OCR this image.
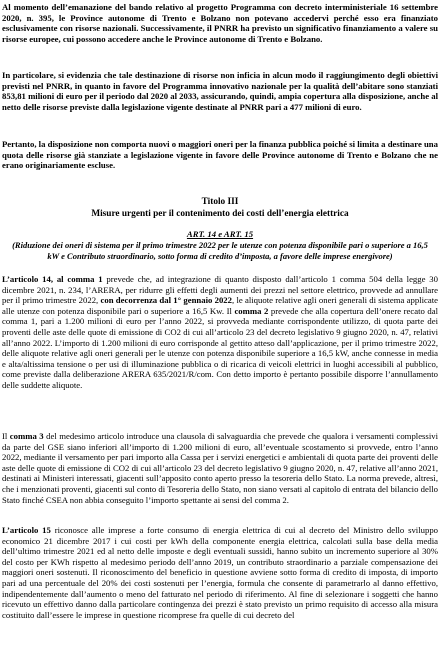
Al momento dell’emanazione del bando relativo al progetto Programma con decreto interministeriale 16 settembre 2020, n. 395, le Province autonome di Trento e Bolzano non potevano accedervi perché esso era finanziato esclusivamente con risorse nazionali. Successivamente, il PNRR ha previsto un significativo finanziamento a valere su risorse europee, cui possono accedere anche le Province autonome di Trento e Bolzano.

In particolare, si evidenzia che tale destinazione di risorse non inficia in alcun modo il raggiungimento degli obiettivi previsti nel PNRR, in quanto in favore del Programma innovativo nazionale per la qualità dell’abitare sono stanziati 853,81 milioni di euro per il periodo dal 2020 al 2033, assicurando, quindi, ampia copertura alla disposizione, anche al netto delle risorse previste dalla legislazione vigente destinate al PNRR pari a 477 milioni di euro.

Pertanto, la disposizione non comporta nuovi o maggiori oneri per la finanza pubblica poiché si limita a destinare una quota delle risorse già stanziate a legislazione vigente in favore delle Province autonome di Trento e Bolzano che ne erano originariamente escluse.

Titolo III

Misure urgenti per il contenimento dei costi dell’energia elettrica

ART. 14 e ART. 15

(Riduzione dei oneri di sistema per il primo trimestre 2022 per le utenze con potenza disponibile pari o superiore a 16,5 kW e Contributo straordinario, sotto forma di credito d’imposta, a favore delle imprese energivore)

L’articolo 14, al comma 1 prevede che, ad integrazione di quanto disposto dall’articolo 1 comma 504 della legge 30 dicembre 2021, n. 234, l’ARERA, per ridurre gli effetti degli aumenti dei prezzi nel settore elettrico, provvede ad annullare per il primo trimestre 2022, con decorrenza dal 1° gennaio 2022, le aliquote relative agli oneri generali di sistema applicate alle utenze con potenza disponibile pari o superiore a 16,5 Kw. Il comma 2 prevede che alla copertura dell’onere recato dal comma 1, pari a 1.200 milioni di euro per l’anno 2022, si provveda mediante corrispondente utilizzo, di quota parte dei proventi delle aste delle quote di emissione di CO2 di cui all’articolo 23 del decreto legislativo 9 giugno 2020, n. 47, relativi all’anno 2022. L’importo di 1.200 milioni di euro corrisponde al gettito atteso dall’applicazione, per il primo trimestre 2022, delle aliquote relative agli oneri generali per le utenze con potenza disponibile superiore a 16,5 kW, anche connesse in media e alta/altissima tensione o per usi di illuminazione pubblica o di ricarica di veicoli elettrici in luoghi accessibili al pubblico, come previste dalla deliberazione ARERA 635/2021/R/com. Con detto importo è pertanto possibile disporre l’annullamento delle suddette aliquote.

Il comma 3 del medesimo articolo introduce una clausola di salvaguardia che prevede che qualora i versamenti complessivi da parte del GSE siano inferiori all’importo di 1.200 milioni di euro, all’eventuale scostamento si provvede, entro l’anno 2022, mediante il versamento per pari importo alla Cassa per i servizi energetici e ambientali di quota parte dei proventi delle aste delle quote di emissione di CO2 di cui all’articolo 23 del decreto legislativo 9 giugno 2020, n. 47, relative all’anno 2021, destinati ai Ministeri interessati, giacenti sull’apposito conto aperto presso la tesoreria dello Stato. La norma prevede, altresì, che i menzionati proventi, giacenti sul conto di Tesoreria dello Stato, non siano versati al capitolo di entrata del bilancio dello Stato finché CSEA non abbia conseguito l’importo spettante ai sensi del comma 2.

L’articolo 15 riconosce alle imprese a forte consumo di energia elettrica di cui al decreto del Ministro dello sviluppo economico 21 dicembre 2017 i cui costi per kWh della componente energia elettrica, calcolati sulla base della media dell’ultimo trimestre 2021 ed al netto delle imposte e degli eventuali sussidi, hanno subito un incremento superiore al 30% del costo per KWh rispetto al medesimo periodo dell’anno 2019, un contributo straordinario a parziale compensazione dei maggiori oneri sostenuti. Il riconoscimento del beneficio in questione avviene sotto forma di credito di imposta, di importo pari ad una percentuale del 20% dei costi sostenuti per l’energia, formula che consente di parametrarlo al danno effettivo, indipendentemente dall’aumento o meno del fatturato nel periodo di riferimento. Al fine di selezionare i soggetti che hanno ricevuto un effettivo danno dalla particolare contingenza dei prezzi è stato previsto un primo requisito di accesso alla misura costituito dall’essere le imprese in questione ricomprese fra quelle di cui decreto del
